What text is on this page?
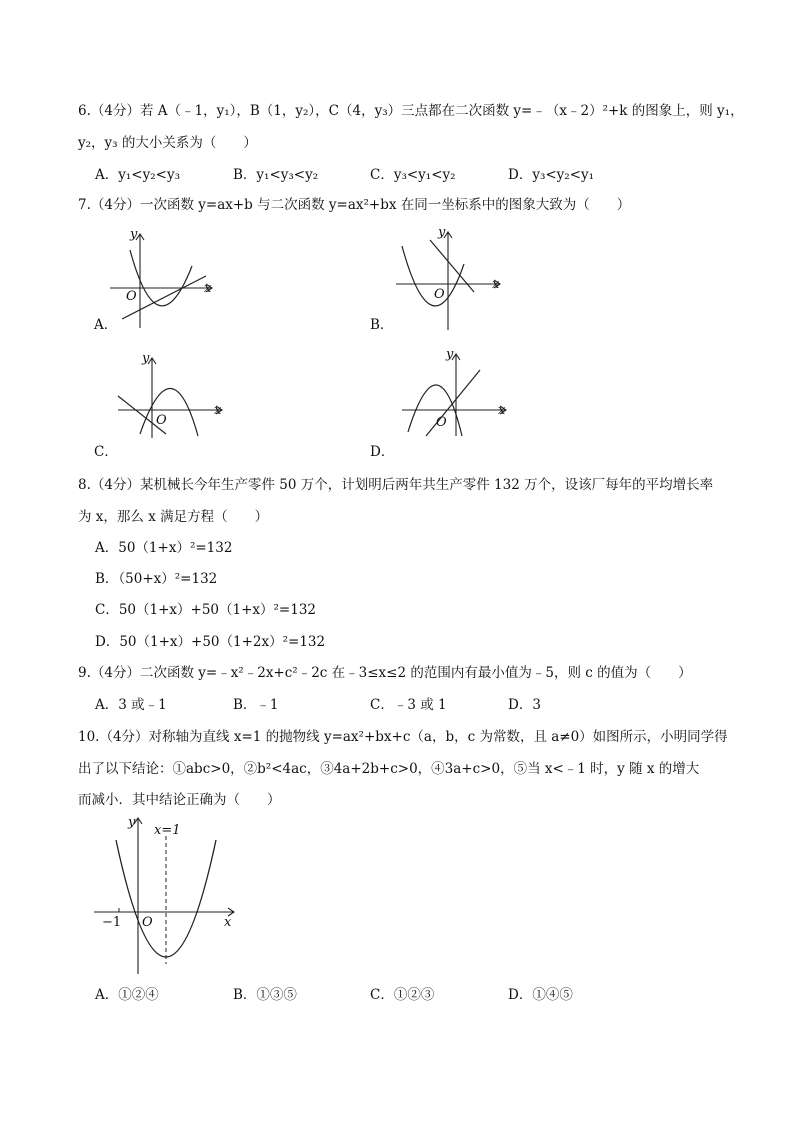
6.（4分）若 A（﹣1，y₁），B（1，y₂），C（4，y₃）三点都在二次函数 y=﹣（x﹣2）²+k 的图象上，则 y₁，
y₂，y₃ 的大小关系为（　　）
A．y₁<y₂<y₃	B．y₁<y₃<y₂	C．y₃<y₁<y₂	D．y₃<y₂<y₁
7.（4分）一次函数 y=ax+b 与二次函数 y=ax²+bx 在同一坐标系中的图象大致为（　　）
y
x
O
A．
y
x
O
B．
y
x
O
C．
y
x
O
D．
8.（4分）某机械长今年生产零件 50 万个，计划明后两年共生产零件 132 万个，设该厂每年的平均增长率
为 x，那么 x 满足方程（　　）
A．50（1+x）²=132
B．（50+x）²=132
C．50（1+x）+50（1+x）²=132
D．50（1+x）+50（1+2x）²=132
9.（4分）二次函数 y=﹣x²﹣2x+c²﹣2c 在﹣3≤x≤2 的范围内有最小值为﹣5，则 c 的值为（　　）
A．3 或﹣1	B．﹣1	C．﹣3 或 1	D．3
10.（4分）对称轴为直线 x=1 的抛物线 y=ax²+bx+c（a，b，c 为常数，且 a≠0）如图所示，小明同学得
出了以下结论：①abc>0，②b²<4ac，③4a+2b+c>0，④3a+c>0，⑤当 x<﹣1 时，y 随 x 的增大
而减小．其中结论正确为（　　）
y
x=1
−1 O	x
A．①②④	B．①③⑤	C．①②③	D．①④⑤
